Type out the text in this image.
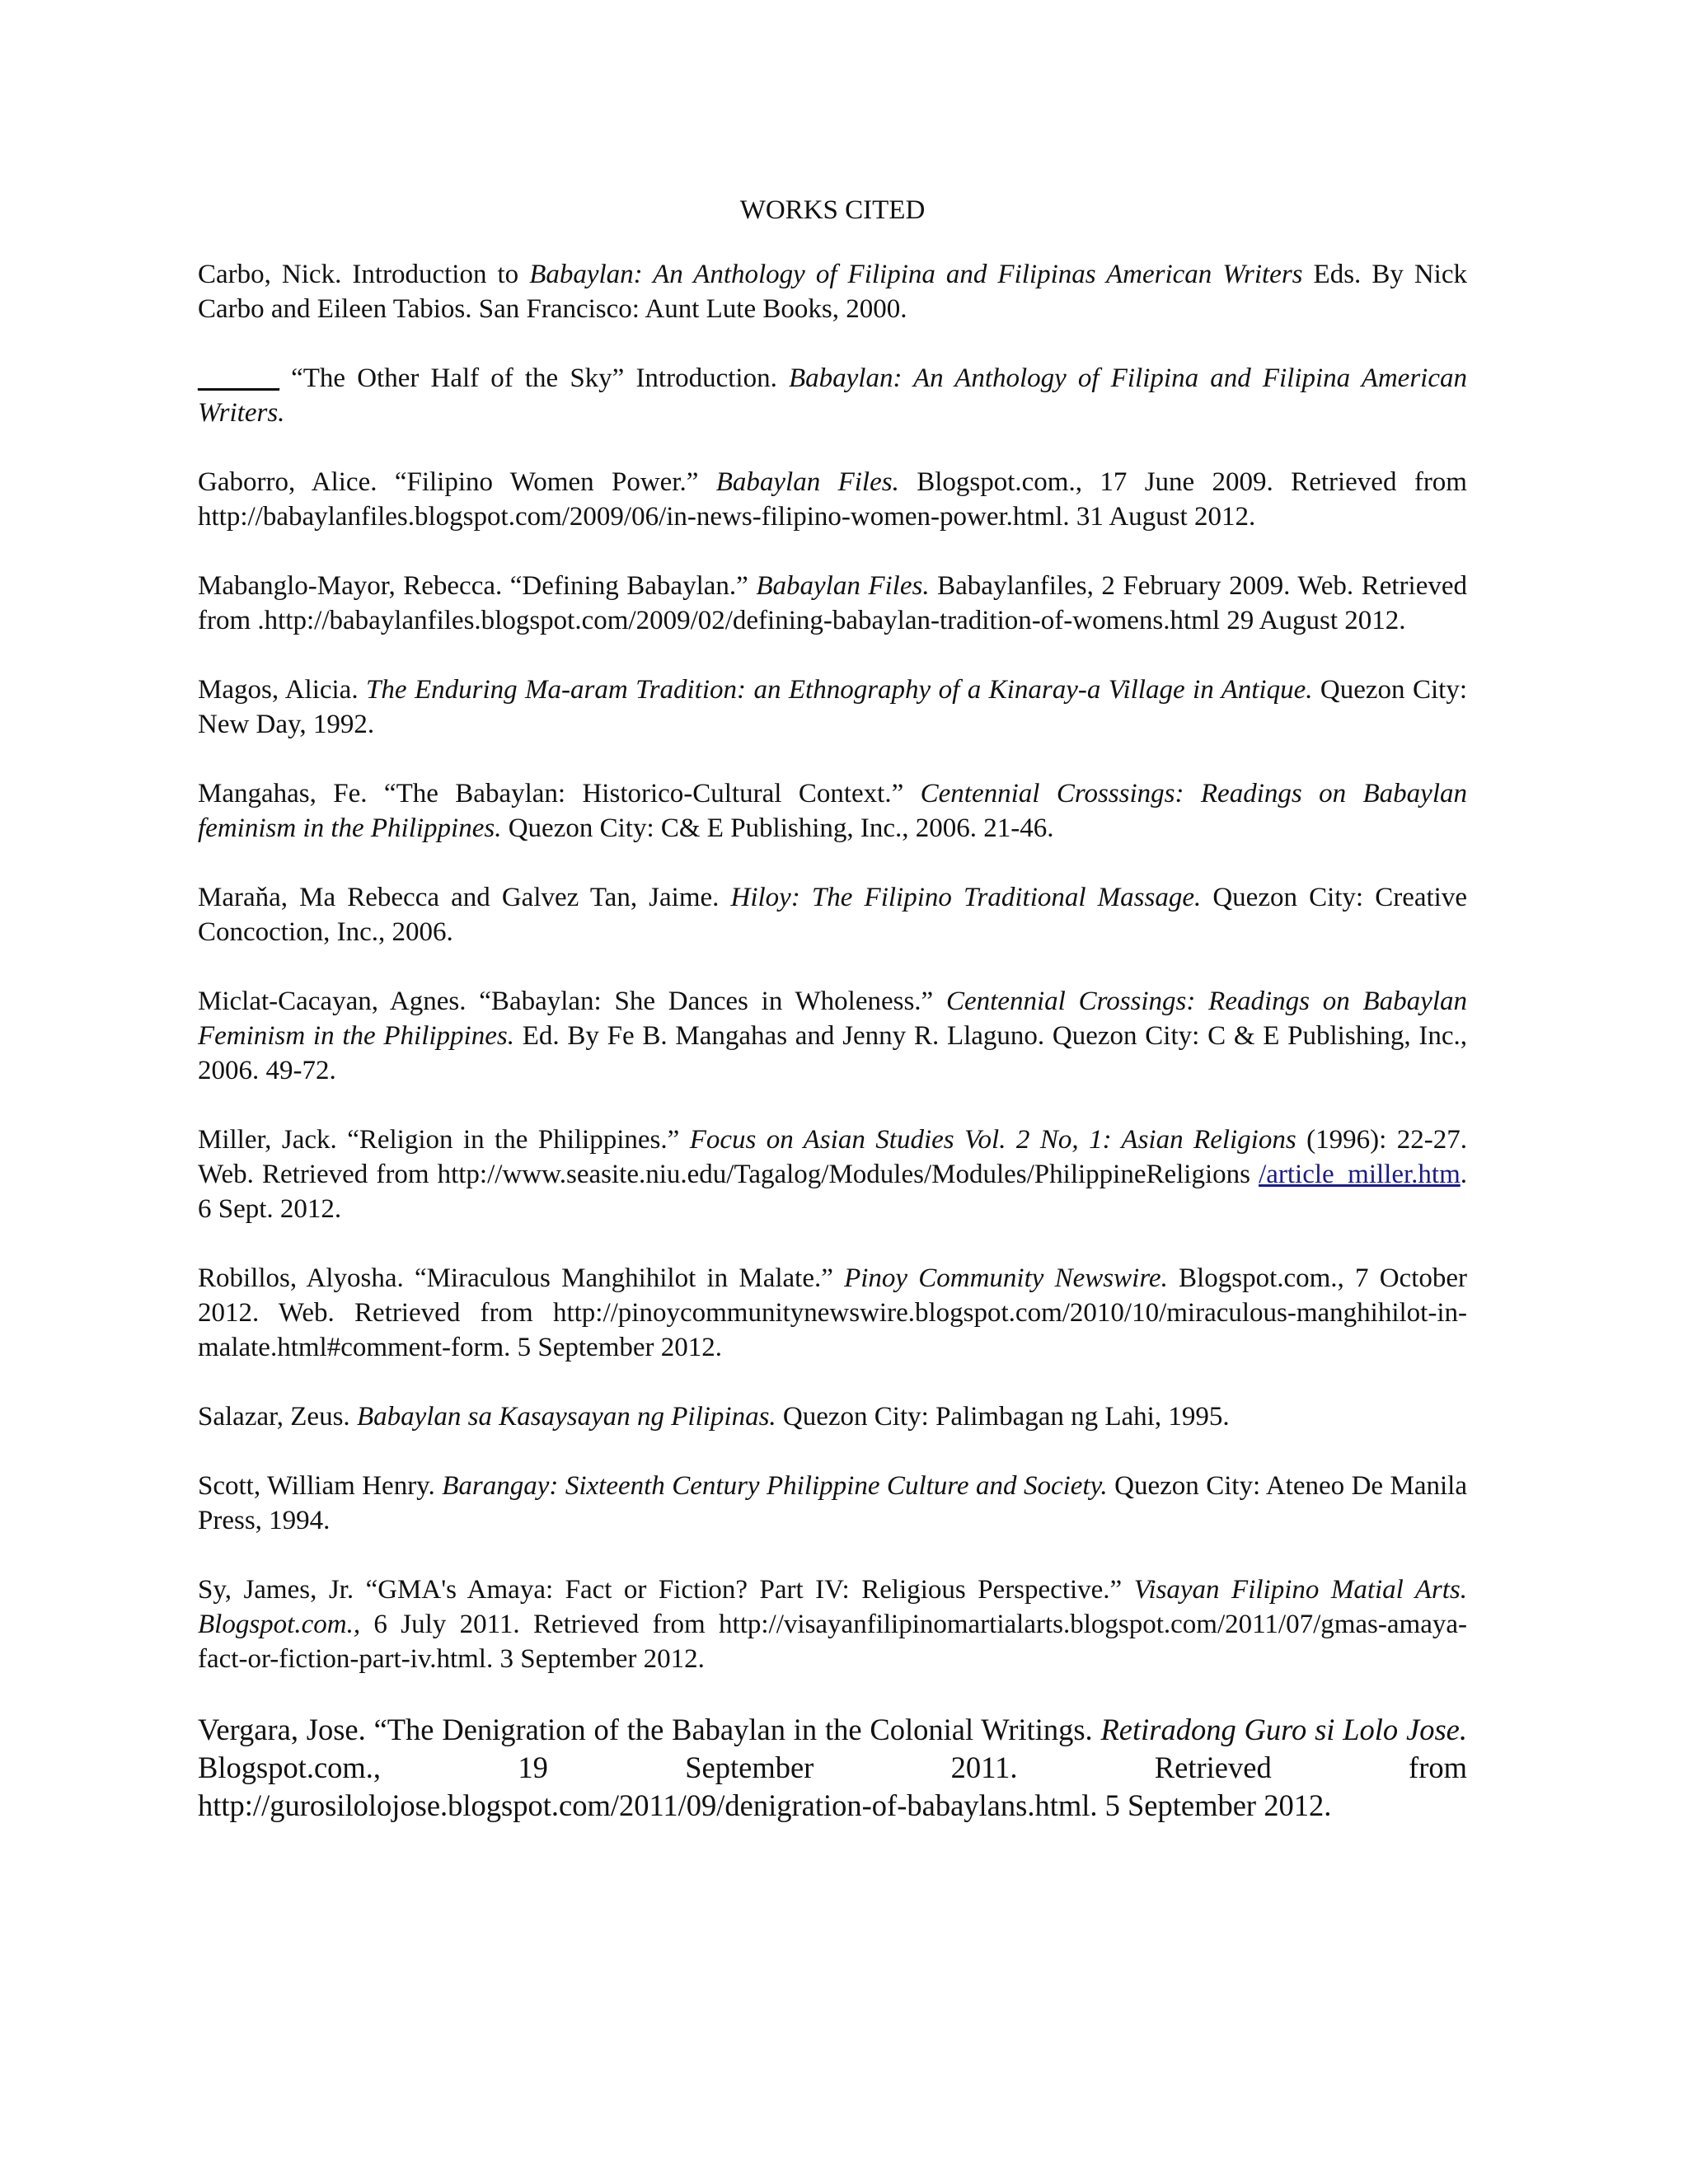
WORKS CITED

Carbo, Nick. Introduction to Babaylan: An Anthology of Filipina and Filipinas American Writers Eds. By Nick Carbo and Eileen Tabios. San Francisco: Aunt Lute Books, 2000.

______ “The Other Half of the Sky” Introduction. Babaylan: An Anthology of Filipina and Filipina American Writers.

Gaborro, Alice. “Filipino Women Power.” Babaylan Files. Blogspot.com., 17 June 2009. Retrieved from http://babaylanfiles.blogspot.com/2009/06/in-news-filipino-women-power.html. 31 August 2012.

Mabanglo-Mayor, Rebecca. “Defining Babaylan.” Babaylan Files. Babaylanfiles, 2 February 2009. Web. Retrieved from .http://babaylanfiles.blogspot.com/2009/02/defining-babaylan-tradition-of-womens.html 29 August 2012.

Magos, Alicia. The Enduring Ma-aram Tradition: an Ethnography of a Kinaray-a Village in Antique. Quezon City: New Day, 1992.

Mangahas, Fe. “The Babaylan: Historico-Cultural Context.” Centennial Crosssings: Readings on Babaylan feminism in the Philippines. Quezon City: C& E Publishing, Inc., 2006. 21-46.

Maraňa, Ma Rebecca and Galvez Tan, Jaime. Hiloy: The Filipino Traditional Massage. Quezon City: Creative Concoction, Inc., 2006.

Miclat-Cacayan, Agnes. “Babaylan: She Dances in Wholeness.” Centennial Crossings: Readings on Babaylan Feminism in the Philippines. Ed. By Fe B. Mangahas and Jenny R. Llaguno. Quezon City: C & E Publishing, Inc., 2006. 49-72.

Miller, Jack. “Religion in the Philippines.” Focus on Asian Studies Vol. 2 No, 1: Asian Religions (1996): 22-27. Web. Retrieved from http://www.seasite.niu.edu/Tagalog/Modules/Modules/PhilippineReligions /article_miller.htm. 6 Sept. 2012.

Robillos, Alyosha. “Miraculous Manghihilot in Malate.” Pinoy Community Newswire. Blogspot.com., 7 October 2012. Web. Retrieved from http://pinoycommunitynewswire.blogspot.com/2010/10/miraculous-manghihilot-in-malate.html#comment-form. 5 September 2012.

Salazar, Zeus. Babaylan sa Kasaysayan ng Pilipinas. Quezon City: Palimbagan ng Lahi, 1995.

Scott, William Henry. Barangay: Sixteenth Century Philippine Culture and Society. Quezon City: Ateneo De Manila Press, 1994.

Sy, James, Jr. “GMA's Amaya: Fact or Fiction? Part IV: Religious Perspective.” Visayan Filipino Matial Arts. Blogspot.com., 6 July 2011. Retrieved from http://visayanfilipinomartialarts.blogspot.com/2011/07/gmas-amaya-fact-or-fiction-part-iv.html. 3 September 2012.

Vergara, Jose. “The Denigration of the Babaylan in the Colonial Writings. Retiradong Guro si Lolo Jose. Blogspot.com., 19 September 2011. Retrieved from http://gurosilolojose.blogspot.com/2011/09/denigration-of-babaylans.html. 5 September 2012.
